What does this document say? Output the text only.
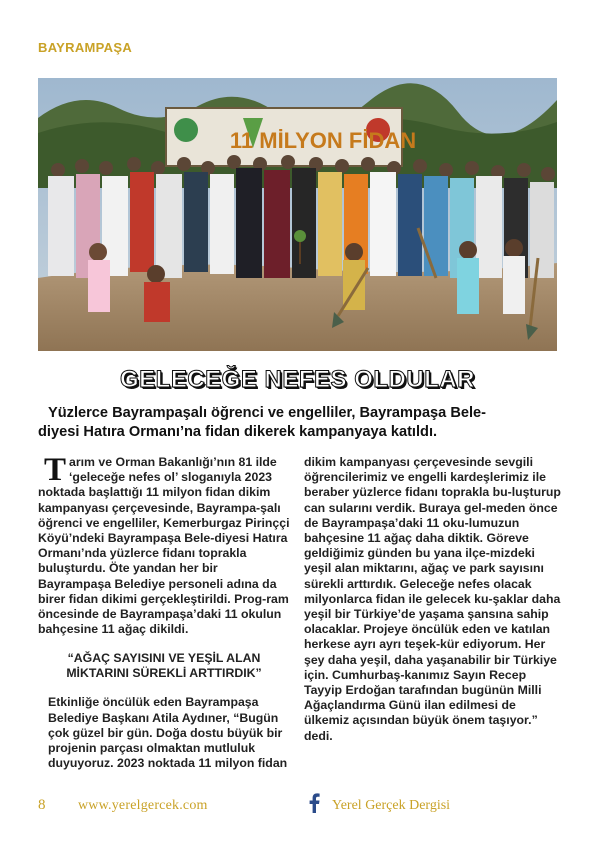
BAYRAMPAŞA
11 MİLYON FİDAN
GELECEĞE NEFES OLDULAR
Yüzlerce Bayrampaşalı öğrenci ve engelliler, Bayrampaşa Bele-
diyesi Hatıra Ormanı’na fidan dikerek kampanyaya katıldı.

Tarım ve Orman Bakanlığı’nın 81 ilde ‘geleceğe nefes ol’ sloganıyla 2023 noktada başlattığı 11 milyon fidan dikim kampanyası çerçevesinde, Bayrampa-şalı öğrenci ve engelliler, Kemerburgaz Pirinççi Köyü’ndeki Bayrampaşa Bele-diyesi Hatıra Ormanı’nda yüzlerce fidanı toprakla buluşturdu. Öte yandan her bir Bayrampaşa Belediye personeli adına da birer fidan dikimi gerçekleştirildi. Prog-ram öncesinde de Bayrampaşa’daki 11 okulun bahçesine 11 ağaç dikildi.

“AĞAÇ SAYISINI VE YEŞİL ALAN
MİKTARINI SÜREKLİ ARTTIRDIK”

Etkinliğe öncülük eden Bayrampaşa Belediye Başkanı Atila Aydıner, “Bugün çok güzel bir gün. Doğa dostu büyük bir projenin parçası olmaktan mutluluk duyuyoruz. 2023 noktada 11 milyon fidan

dikim kampanyası çerçevesinde sevgili öğrencilerimiz ve engelli kardeşlerimiz ile beraber yüzlerce fidanı toprakla bu-luşturup can sularını verdik. Buraya gel-meden önce de Bayrampaşa’daki 11 oku-lumuzun bahçesine 11 ağaç daha diktik. Göreve geldiğimiz günden bu yana ilçe-mizdeki yeşil alan miktarını, ağaç ve park sayısını sürekli arttırdık. Geleceğe nefes olacak milyonlarca fidan ile gelecek ku-şaklar daha yeşil bir Türkiye’de yaşama şansına sahip olacaklar. Projeye öncülük eden ve katılan herkese ayrı ayrı teşek-kür ediyorum. Her şey daha yeşil, daha yaşanabilir bir Türkiye için. Cumhurbaş-kanımız Sayın Recep Tayyip Erdoğan tarafından bugünün Milli Ağaçlandırma Günü ilan edilmesi de ülkemiz açısından büyük önem taşıyor.” dedi.

8 www.yerelgercek.com	Yerel Gerçek Dergisi
